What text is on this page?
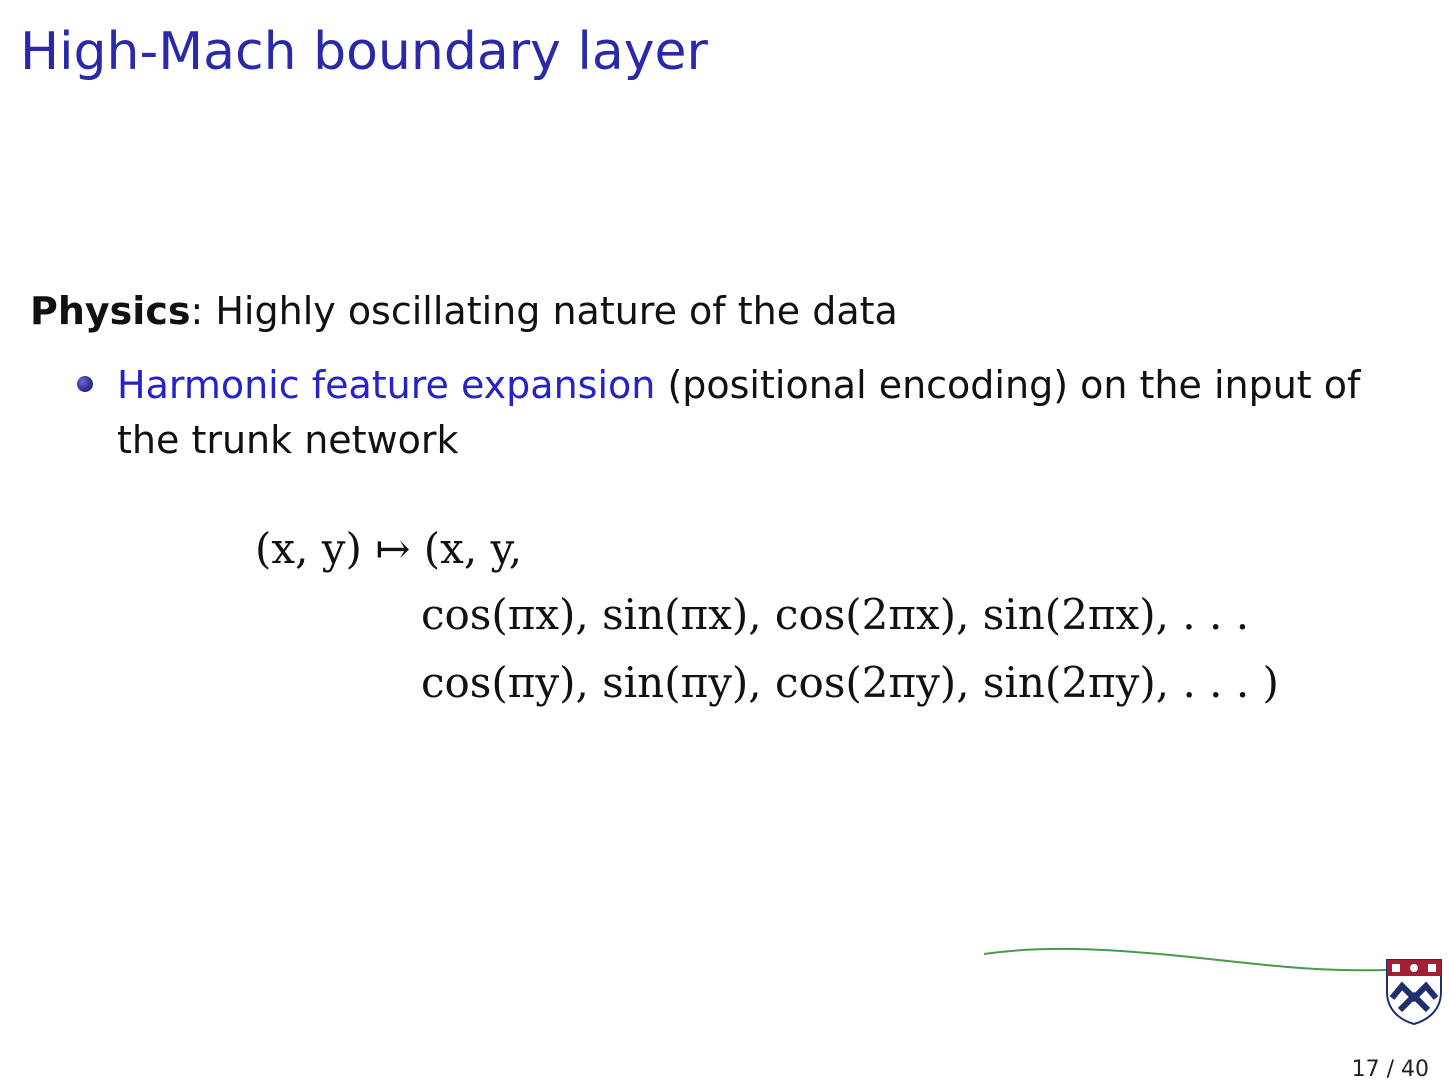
High-Mach boundary layer
Physics: Highly oscillating nature of the data
Harmonic feature expansion (positional encoding) on the input of the trunk network
(x, y) ↦ (x, y,
cos(πx), sin(πx), cos(2πx), sin(2πx), . . .
cos(πy), sin(πy), cos(2πy), sin(2πy), . . . )
17 / 40
